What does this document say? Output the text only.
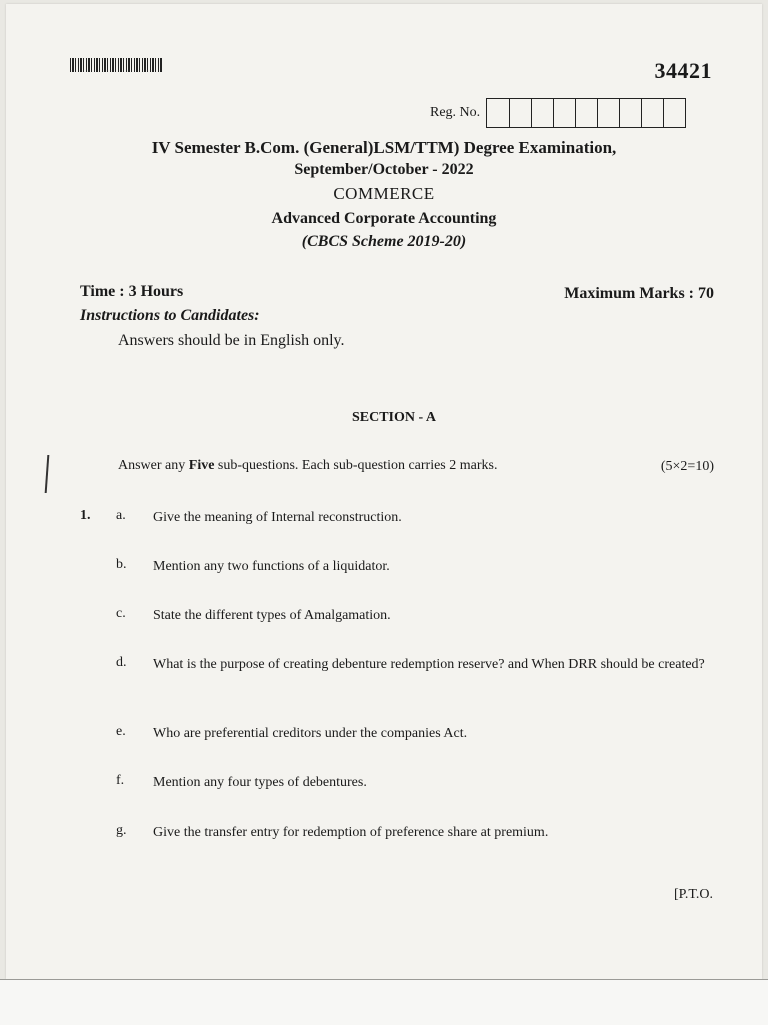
34421
Reg. No.
IV Semester B.Com. (General)LSM/TTM) Degree Examination,
September/October - 2022
COMMERCE
Advanced Corporate Accounting
(CBCS Scheme 2019-20)
Time : 3 Hours	Maximum Marks : 70
Instructions to Candidates:
Answers should be in English only.
SECTION - A
Answer any Five sub-questions. Each sub-question carries 2 marks.	(5×2=10)
1. a.	Give the meaning of Internal reconstruction.
b.	Mention any two functions of a liquidator.
c.	State the different types of Amalgamation.
d.	What is the purpose of creating debenture redemption reserve? and When DRR should be created?
e.	Who are preferential creditors under the companies Act.
f.	Mention any four types of debentures.
g.	Give the transfer entry for redemption of preference share at premium.
[P.T.O.
